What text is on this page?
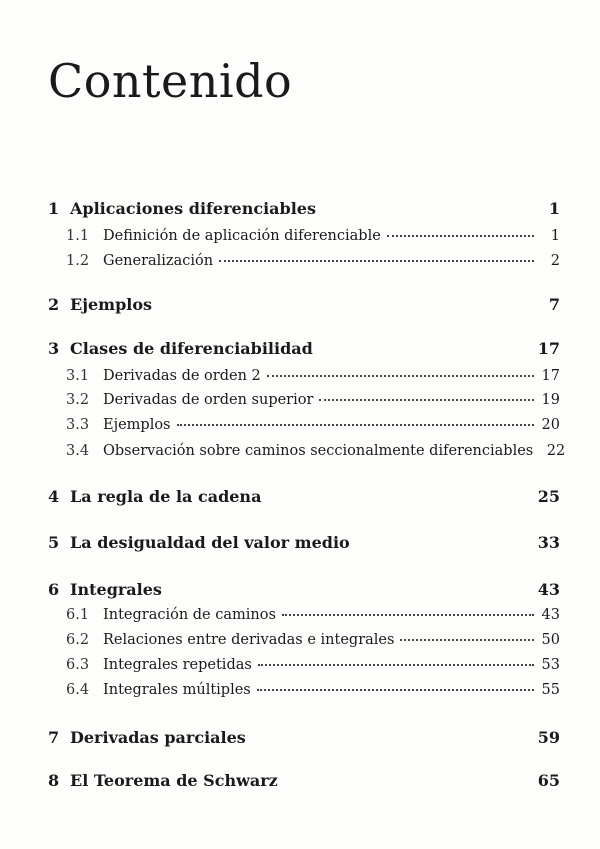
Contenido
1 Aplicaciones diferenciables	1
1.1 Definición de aplicación diferenciable	1
1.2 Generalización	2
2 Ejemplos	7
3 Clases de diferenciabilidad	17
3.1 Derivadas de orden 2	17
3.2 Derivadas de orden superior	19
3.3 Ejemplos	20
3.4 Observación sobre caminos seccionalmente diferenciables 22
4 La regla de la cadena	25
5 La desigualdad del valor medio	33
6 Integrales	43
6.1 Integración de caminos	43
6.2 Relaciones entre derivadas e integrales	50
6.3 Integrales repetidas	53
6.4 Integrales múltiples	55
7 Derivadas parciales	59
8 El Teorema de Schwarz	65
